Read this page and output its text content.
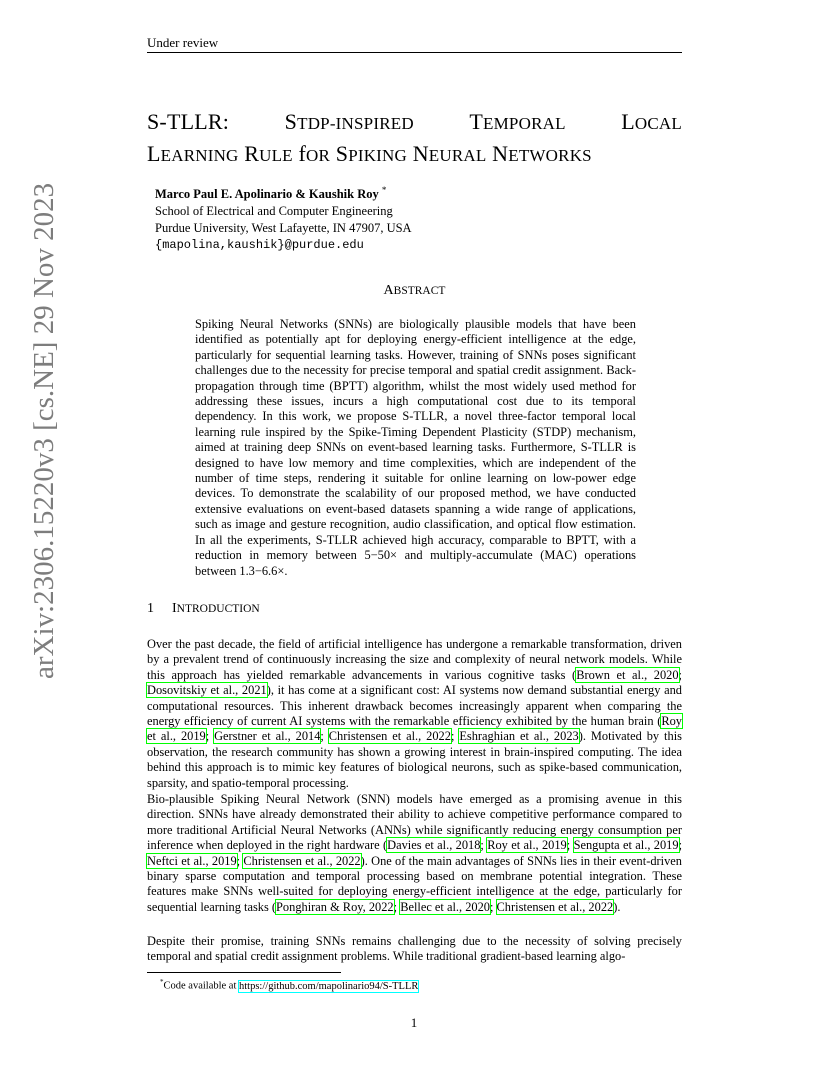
Under review
S-TLLR:	STDP-INSPIRED	TEMPORAL	LOCAL
LEARNING RULE fOR SPIKING NEURAL NETWORKS
Marco Paul E. Apolinario & Kaushik Roy *
School of Electrical and Computer Engineering
Purdue University, West Lafayette, IN 47907, USA
{mapolina,kaushik}@purdue.edu
arXiv:2306.15220v3 [cs.NE] 29 Nov 2023	ABSTRACT
Spiking Neural Networks (SNNs) are biologically plausible models that have been identified as potentially apt for deploying energy-efficient intelligence at the edge, particularly for sequential learning tasks. However, training of SNNs poses significant challenges due to the necessity for precise temporal and spatial credit assignment. Back-propagation through time (BPTT) algorithm, whilst the most widely used method for addressing these issues, incurs a high computational cost due to its temporal dependency. In this work, we propose S-TLLR, a novel three-factor temporal local learning rule inspired by the Spike-Timing Dependent Plasticity (STDP) mechanism, aimed at training deep SNNs on event-based learning tasks. Furthermore, S-TLLR is designed to have low memory and time complexities, which are independent of the number of time steps, rendering it suitable for online learning on low-power edge devices. To demonstrate the scalability of our proposed method, we have conducted extensive evaluations on event-based datasets spanning a wide range of applications, such as image and gesture recognition, audio classification, and optical flow estimation. In all the experiments, S-TLLR achieved high accuracy, comparable to BPTT, with a reduction in memory between 5−50× and multiply-accumulate (MAC) operations between 1.3−6.6×.
1 INTRODUCTION
Over the past decade, the field of artificial intelligence has undergone a remarkable transformation, driven by a prevalent trend of continuously increasing the size and complexity of neural network models. While this approach has yielded remarkable advancements in various cognitive tasks (Brown et al., 2020; Dosovitskiy et al., 2021), it has come at a significant cost: AI systems now demand substantial energy and computational resources. This inherent drawback becomes increasingly apparent when comparing the energy efficiency of current AI systems with the remarkable efficiency exhibited by the human brain (Roy et al., 2019; Gerstner et al., 2014; Christensen et al., 2022; Eshraghian et al., 2023). Motivated by this observation, the research community has shown a growing interest in brain-inspired computing. The idea behind this approach is to mimic key features of biological neurons, such as spike-based communication, sparsity, and spatio-temporal processing.
Bio-plausible Spiking Neural Network (SNN) models have emerged as a promising avenue in this direction. SNNs have already demonstrated their ability to achieve competitive performance compared to more traditional Artificial Neural Networks (ANNs) while significantly reducing energy consumption per inference when deployed in the right hardware (Davies et al., 2018; Roy et al., 2019; Sengupta et al., 2019; Neftci et al., 2019; Christensen et al., 2022). One of the main advantages of SNNs lies in their event-driven binary sparse computation and temporal processing based on membrane potential integration. These features make SNNs well-suited for deploying energy-efficient intelligence at the edge, particularly for sequential learning tasks (Ponghiran & Roy, 2022; Bellec et al., 2020; Christensen et al., 2022).
Despite their promise, training SNNs remains challenging due to the necessity of solving precisely temporal and spatial credit assignment problems. While traditional gradient-based learning algo-
*Code available at https://github.com/mapolinario94/S-TLLR
1
